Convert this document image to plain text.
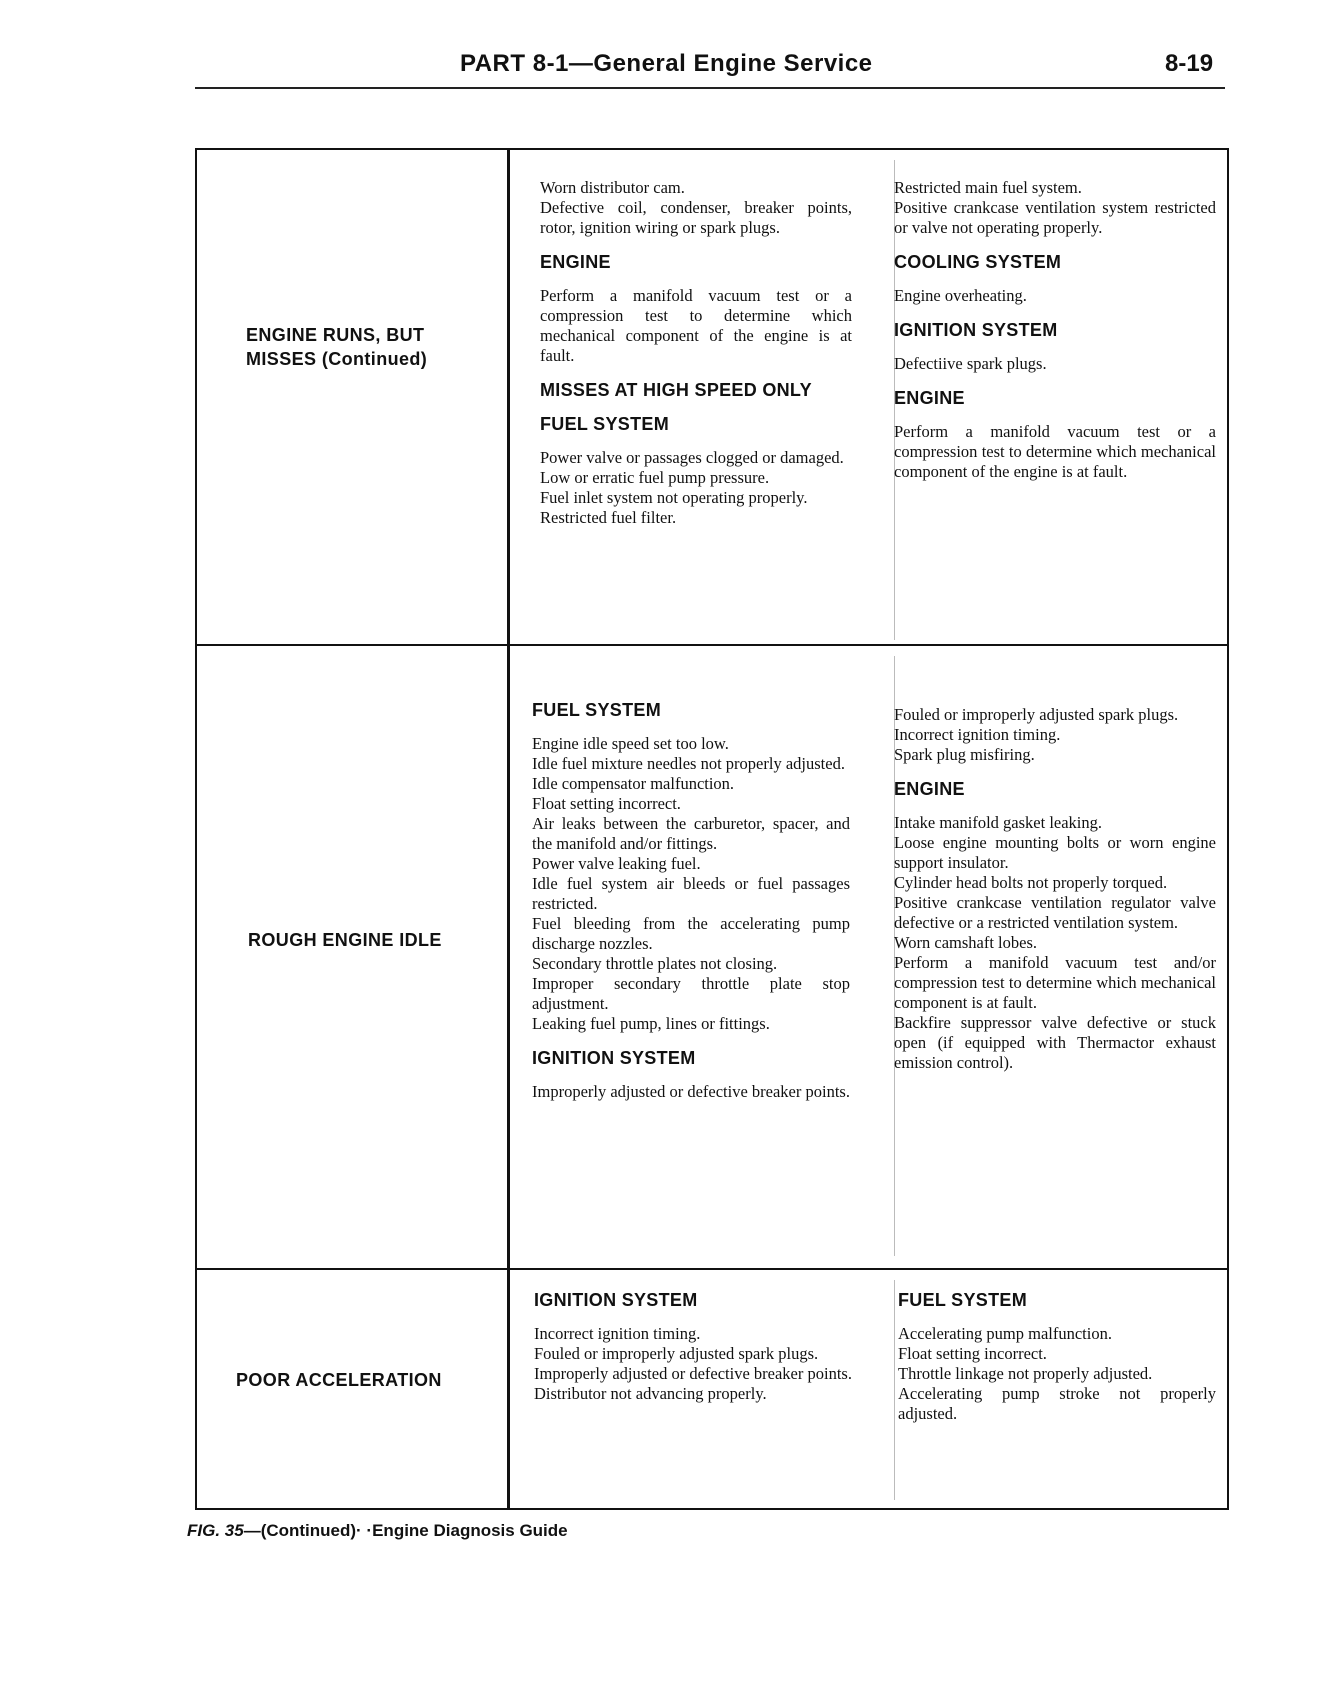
PART 8-1—General Engine Service	8-19
ENGINE RUNS, BUT MISSES (Continued)
Worn distributor cam.
Defective coil, condenser, breaker points, rotor, ignition wiring or spark plugs.
ENGINE
Perform a manifold vacuum test or a compression test to determine which mechanical component of the engine is at fault.
MISSES AT HIGH SPEED ONLY
FUEL SYSTEM
Power valve or passages clogged or damaged.
Low or erratic fuel pump pressure.
Fuel inlet system not operating properly.
Restricted fuel filter.
Restricted main fuel system.
Positive crankcase ventilation system restricted or valve not operating properly.
COOLING SYSTEM
Engine overheating.
IGNITION SYSTEM
Defectiive spark plugs.
ENGINE
Perform a manifold vacuum test or a compression test to determine which mechanical component of the engine is at fault.
ROUGH ENGINE IDLE
FUEL SYSTEM
Engine idle speed set too low.
Idle fuel mixture needles not properly adjusted.
Idle compensator malfunction.
Float setting incorrect.
Air leaks between the carburetor, spacer, and the manifold and/or fittings.
Power valve leaking fuel.
Idle fuel system air bleeds or fuel passages restricted.
Fuel bleeding from the accelerating pump discharge nozzles.
Secondary throttle plates not closing.
Improper secondary throttle plate stop adjustment.
Leaking fuel pump, lines or fittings.
IGNITION SYSTEM
Improperly adjusted or defective breaker points.
Fouled or improperly adjusted spark plugs.
Incorrect ignition timing.
Spark plug misfiring.
ENGINE
Intake manifold gasket leaking.
Loose engine mounting bolts or worn engine support insulator.
Cylinder head bolts not properly torqued.
Positive crankcase ventilation regulator valve defective or a restricted ventilation system.
Worn camshaft lobes.
Perform a manifold vacuum test and/or compression test to determine which mechanical component is at fault.
Backfire suppressor valve defective or stuck open (if equipped with Thermactor exhaust emission control).
POOR ACCELERATION
IGNITION SYSTEM
Incorrect ignition timing.
Fouled or improperly adjusted spark plugs.
Improperly adjusted or defective breaker points.
Distributor not advancing properly.
FUEL SYSTEM
Accelerating pump malfunction.
Float setting incorrect.
Throttle linkage not properly adjusted.
Accelerating pump stroke not properly adjusted.
FIG. 35—(Continued)· ·Engine Diagnosis Guide
